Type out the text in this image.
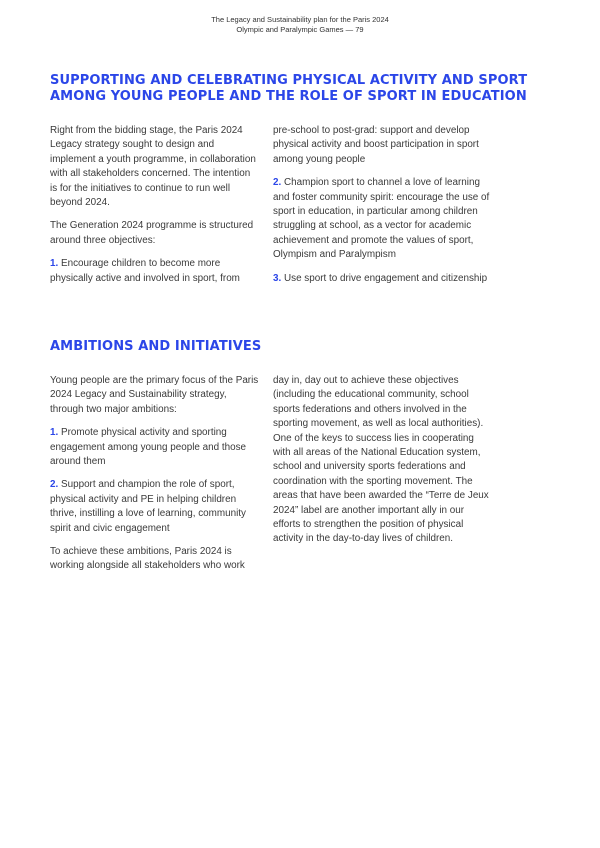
The Legacy and Sustainability plan for the Paris 2024
Olympic and Paralympic Games — 79
SUPPORTING AND CELEBRATING PHYSICAL ACTIVITY AND SPORT
AMONG YOUNG PEOPLE AND THE ROLE OF SPORT IN EDUCATION

Right from the bidding stage, the Paris 2024 Legacy strategy sought to design and implement a youth programme, in collaboration with all stakeholders concerned. The intention is for the initiatives to continue to run well beyond 2024.

The Generation 2024 programme is structured around three objectives:

1. Encourage children to become more physically active and involved in sport, from

pre-school to post-grad: support and develop physical activity and boost participation in sport among young people

2. Champion sport to channel a love of learning and foster community spirit: encourage the use of sport in education, in particular among children struggling at school, as a vector for academic achievement and promote the values of sport, Olympism and Paralympism

3. Use sport to drive engagement and citizenship

AMBITIONS AND INITIATIVES

Young people are the primary focus of the Paris 2024 Legacy and Sustainability strategy, through two major ambitions:

1. Promote physical activity and sporting engagement among young people and those around them

2. Support and champion the role of sport, physical activity and PE in helping children thrive, instilling a love of learning, community spirit and civic engagement

To achieve these ambitions, Paris 2024 is working alongside all stakeholders who work

day in, day out to achieve these objectives (including the educational community, school sports federations and others involved in the sporting movement, as well as local authorities). One of the keys to success lies in cooperating with all areas of the National Education system, school and university sports federations and coordination with the sporting movement. The areas that have been awarded the “Terre de Jeux 2024” label are another important ally in our efforts to strengthen the position of physical activity in the day-to-day lives of children.
